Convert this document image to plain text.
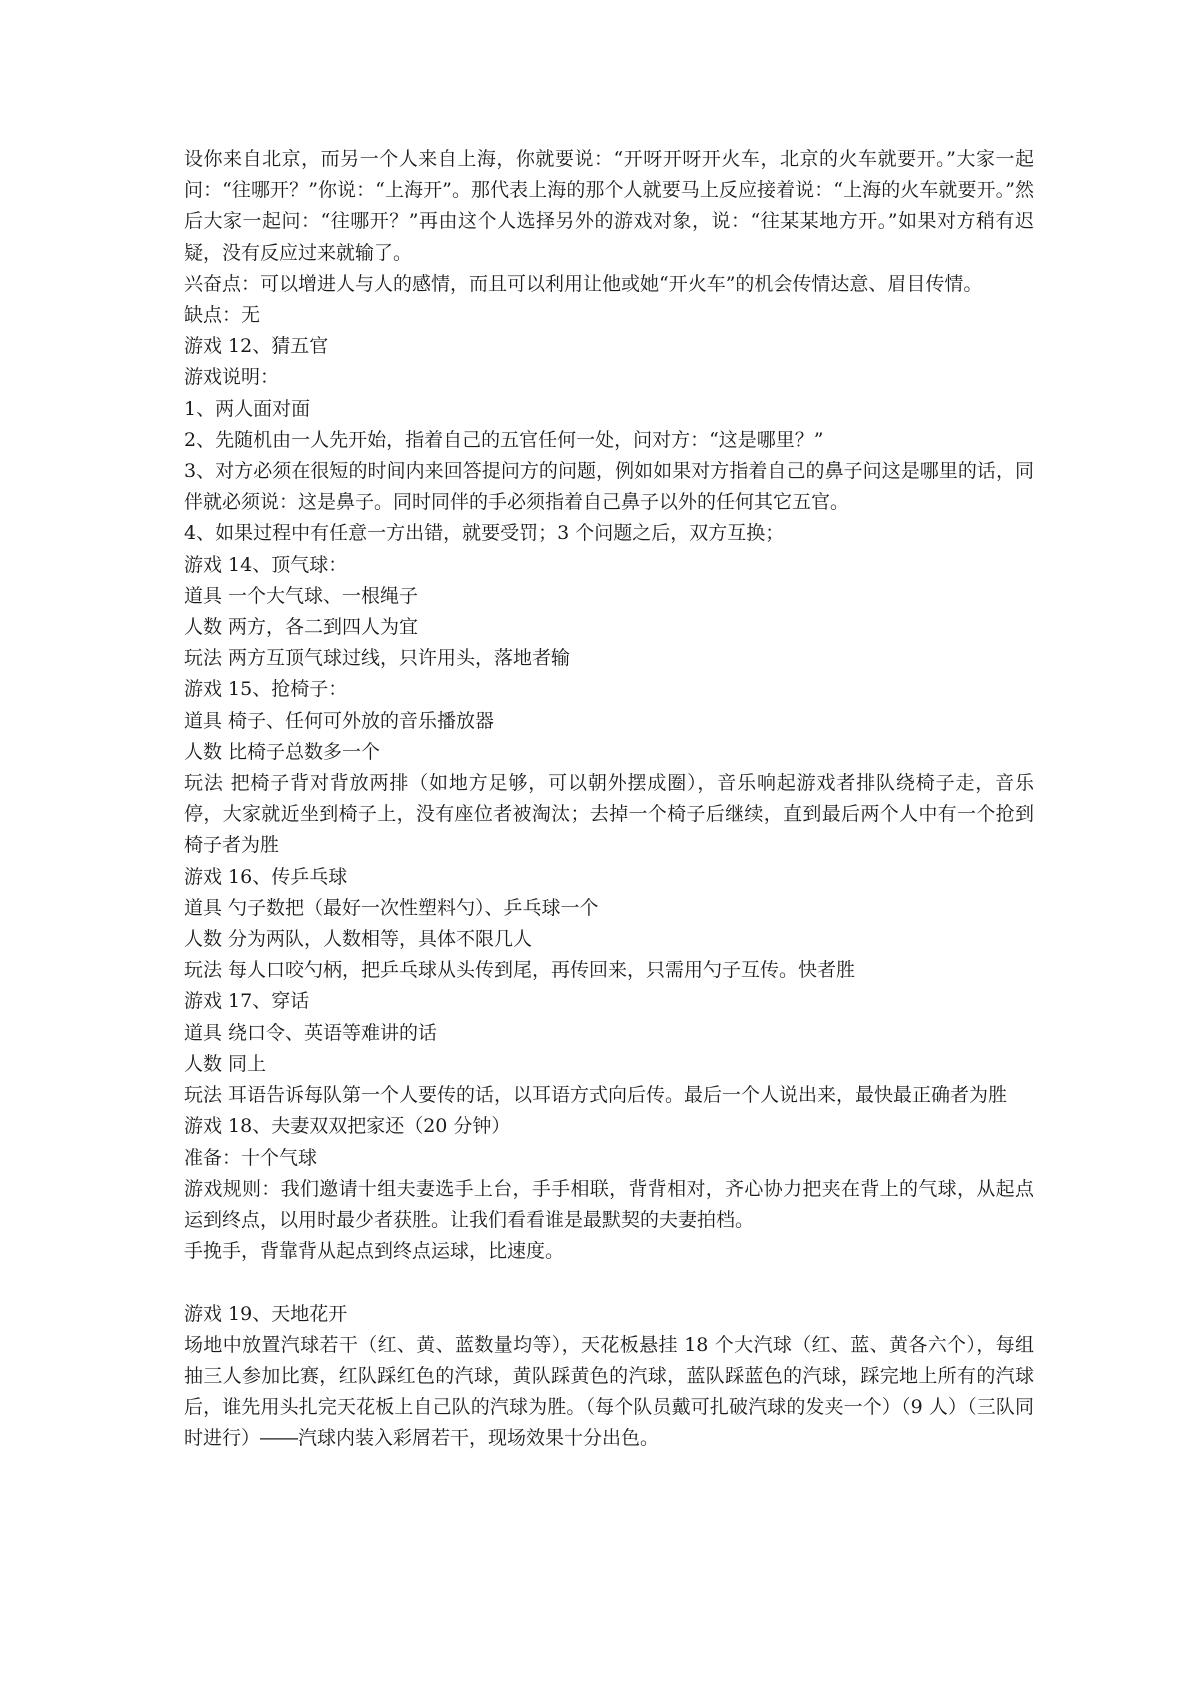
设你来自北京，而另一个人来自上海，你就要说：“开呀开呀开火车，北京的火车就要开。”大家一起问：“往哪开？”你说：“上海开”。那代表上海的那个人就要马上反应接着说：“上海的火车就要开。”然后大家一起问：“往哪开？”再由这个人选择另外的游戏对象，说：“往某某地方开。”如果对方稍有迟疑，没有反应过来就输了。

兴奋点：可以增进人与人的感情，而且可以利用让他或她“开火车”的机会传情达意、眉目传情。

缺点：无

游戏 12、猜五官

游戏说明：

1、两人面对面

2、先随机由一人先开始，指着自己的五官任何一处，问对方：“这是哪里？”

3、对方必须在很短的时间内来回答提问方的问题，例如如果对方指着自己的鼻子问这是哪里的话，同伴就必须说：这是鼻子。同时同伴的手必须指着自己鼻子以外的任何其它五官。

4、如果过程中有任意一方出错，就要受罚；3 个问题之后，双方互换；

游戏 14、顶气球：

道具 一个大气球、一根绳子

人数 两方，各二到四人为宜

玩法 两方互顶气球过线，只许用头，落地者输

游戏 15、抢椅子：

道具 椅子、任何可外放的音乐播放器

人数 比椅子总数多一个

玩法 把椅子背对背放两排（如地方足够，可以朝外摆成圈），音乐响起游戏者排队绕椅子走，音乐停，大家就近坐到椅子上，没有座位者被淘汰；去掉一个椅子后继续，直到最后两个人中有一个抢到椅子者为胜

游戏 16、传乒乓球

道具 勺子数把（最好一次性塑料勺）、乒乓球一个

人数 分为两队，人数相等，具体不限几人

玩法 每人口咬勺柄，把乒乓球从头传到尾，再传回来，只需用勺子互传。快者胜

游戏 17、穿话

道具 绕口令、英语等难讲的话

人数 同上

玩法 耳语告诉每队第一个人要传的话，以耳语方式向后传。最后一个人说出来，最快最正确者为胜

游戏 18、夫妻双双把家还（20 分钟）

准备：十个气球

游戏规则：我们邀请十组夫妻选手上台，手手相联，背背相对，齐心协力把夹在背上的气球，从起点运到终点，以用时最少者获胜。让我们看看谁是最默契的夫妻拍档。

手挽手，背靠背从起点到终点运球，比速度。

游戏 19、天地花开

场地中放置汽球若干（红、黄、蓝数量均等），天花板悬挂 18 个大汽球（红、蓝、黄各六个），每组抽三人参加比赛，红队踩红色的汽球，黄队踩黄色的汽球，蓝队踩蓝色的汽球，踩完地上所有的汽球后，谁先用头扎完天花板上自己队的汽球为胜。（每个队员戴可扎破汽球的发夹一个）（9 人）（三队同时进行）――汽球内装入彩屑若干，现场效果十分出色。
